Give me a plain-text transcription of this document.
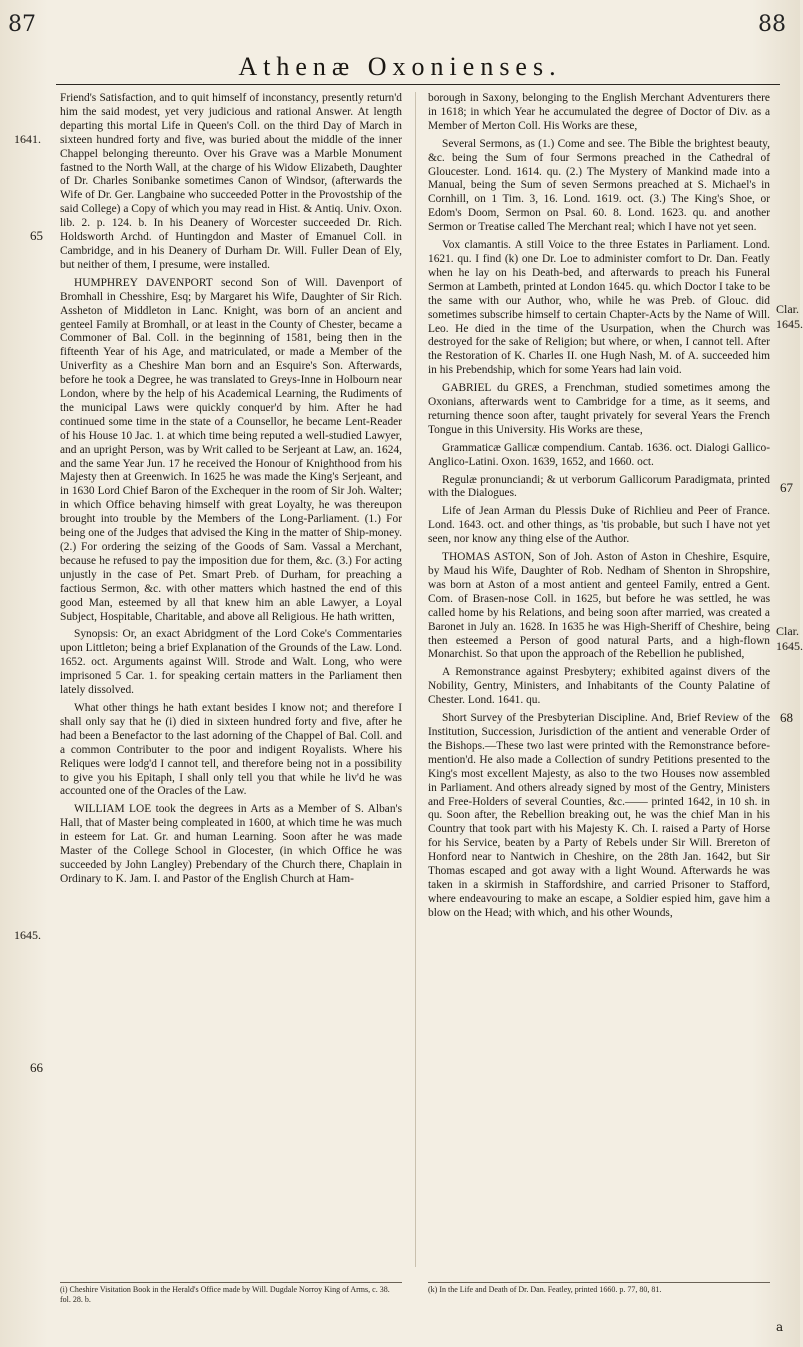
87	88
Athenæ Oxonienses.
1641.
65
1645.
66
Clar. 1645.
67
Clar. 1645.
68

Friend's Satisfaction, and to quit himself of inconstancy, presently return'd him the said modest, yet very judicious and rational Answer. At length departing this mortal Life in Queen's Coll. on the third Day of March in sixteen hundred forty and five, was buried about the middle of the inner Chappel belonging thereunto. Over his Grave was a Marble Monument fastned to the North Wall, at the charge of his Widow Elizabeth, Daughter of Dr. Charles Sonibanke sometimes Canon of Windsor, (afterwards the Wife of Dr. Ger. Langbaine who succeeded Potter in the Provostship of the said College) a Copy of which you may read in Hist. & Antiq. Univ. Oxon. lib. 2. p. 124. b. In his Deanery of Worcester succeeded Dr. Rich. Holdsworth Archd. of Huntingdon and Master of Emanuel Coll. in Cambridge, and in his Deanery of Durham Dr. Will. Fuller Dean of Ely, but neither of them, I presume, were installed.

HUMPHREY DAVENPORT second Son of Will. Davenport of Bromhall in Chesshire, Esq; by Margaret his Wife, Daughter of Sir Rich. Assheton of Middleton in Lanc. Knight, was born of an ancient and genteel Family at Bromhall, or at least in the County of Chester, became a Commoner of Bal. Coll. in the beginning of 1581, being then in the fifteenth Year of his Age, and matriculated, or made a Member of the Univerfity as a Cheshire Man born and an Esquire's Son. Afterwards, before he took a Degree, he was translated to Greys-Inne in Holbourn near London, where by the help of his Academical Learning, the Rudiments of the municipal Laws were quickly conquer'd by him. After he had continued some time in the state of a Counsellor, he became Lent-Reader of his House 10 Jac. 1. at which time being reputed a well-studied Lawyer, and an upright Person, was by Writ called to be Serjeant at Law, an. 1624, and the same Year Jun. 17 he received the Honour of Knighthood from his Majesty then at Greenwich. In 1625 he was made the King's Serjeant, and in 1630 Lord Chief Baron of the Exchequer in the room of Sir Joh. Walter; in which Office behaving himself with great Loyalty, he was thereupon brought into trouble by the Members of the Long-Parliament. (1.) For being one of the Judges that advised the King in the matter of Ship-money. (2.) For ordering the seizing of the Goods of Sam. Vassal a Merchant, because he refused to pay the imposition due for them, &c. (3.) For acting unjustly in the case of Pet. Smart Preb. of Durham, for preaching a factious Sermon, &c. with other matters which hastned the end of this good Man, esteemed by all that knew him an able Lawyer, a Loyal Subject, Hospitable, Charitable, and above all Religious. He hath written,

Synopsis: Or, an exact Abridgment of the Lord Coke's Commentaries upon Littleton; being a brief Explanation of the Grounds of the Law. Lond. 1652. oct. Arguments against Will. Strode and Walt. Long, who were imprisoned 5 Car. 1. for speaking certain matters in the Parliament then lately dissolved.

What other things he hath extant besides I know not; and therefore I shall only say that he (i) died in sixteen hundred forty and five, after he had been a Benefactor to the last adorning of the Chappel of Bal. Coll. and a common Contributer to the poor and indigent Royalists. Where his Reliques were lodg'd I cannot tell, and therefore being not in a possibility to give you his Epitaph, I shall only tell you that while he liv'd he was accounted one of the Oracles of the Law.

WILLIAM LOE took the degrees in Arts as a Member of S. Alban's Hall, that of Master being compleated in 1600, at which time he was much in esteem for Lat. Gr. and human Learning. Soon after he was made Master of the College School in Glocester, (in which Office he was succeeded by John Langley) Prebendary of the Church there, Chaplain in Ordinary to K. Jam. I. and Pastor of the English Church at Ham-

borough in Saxony, belonging to the English Merchant Adventurers there in 1618; in which Year he accumulated the degree of Doctor of Div. as a Member of Merton Coll. His Works are these,

Several Sermons, as (1.) Come and see. The Bible the brightest beauty, &c. being the Sum of four Sermons preached in the Cathedral of Gloucester. Lond. 1614. qu. (2.) The Mystery of Mankind made into a Manual, being the Sum of seven Sermons preached at S. Michael's in Cornhill, on 1 Tim. 3, 16. Lond. 1619. oct. (3.) The King's Shoe, or Edom's Doom, Sermon on Psal. 60. 8. Lond. 1623. qu. and another Sermon or Treatise called The Merchant real; which I have not yet seen.

Vox clamantis. A still Voice to the three Estates in Parliament. Lond. 1621. qu. I find (k) one Dr. Loe to administer comfort to Dr. Dan. Featly when he lay on his Death-bed, and afterwards to preach his Funeral Sermon at Lambeth, printed at London 1645. qu. which Doctor I take to be the same with our Author, who, while he was Preb. of Glouc. did sometimes subscribe himself to certain Chapter-Acts by the Name of Will. Leo. He died in the time of the Usurpation, when the Church was destroyed for the sake of Religion; but where, or when, I cannot tell. After the Restoration of K. Charles II. one Hugh Nash, M. of A. succeeded him in his Prebendship, which for some Years had lain void.

GABRIEL du GRES, a Frenchman, studied sometimes among the Oxonians, afterwards went to Cambridge for a time, as it seems, and returning thence soon after, taught privately for several Years the French Tongue in this University. His Works are these,

Grammaticæ Gallicæ compendium. Cantab. 1636. oct. Dialogi Gallico-Anglico-Latini. Oxon. 1639, 1652, and 1660. oct.

Regulæ pronunciandi; & ut verborum Gallicorum Paradigmata, printed with the Dialogues.

Life of Jean Arman du Plessis Duke of Richlieu and Peer of France. Lond. 1643. oct. and other things, as 'tis probable, but such I have not yet seen, nor know any thing else of the Author.

THOMAS ASTON, Son of Joh. Aston of Aston in Cheshire, Esquire, by Maud his Wife, Daughter of Rob. Nedham of Shenton in Shropshire, was born at Aston of a most antient and genteel Family, entred a Gent. Com. of Brasen-nose Coll. in 1625, but before he was settled, he was called home by his Relations, and being soon after married, was created a Baronet in July an. 1628. In 1635 he was High-Sheriff of Cheshire, being then esteemed a Person of good natural Parts, and a high-flown Monarchist. So that upon the approach of the Rebellion he published,

A Remonstrance against Presbytery; exhibited against divers of the Nobility, Gentry, Ministers, and Inhabitants of the County Palatine of Chester. Lond. 1641. qu.

Short Survey of the Presbyterian Discipline. And, Brief Review of the Institution, Succession, Jurisdiction of the antient and venerable Order of the Bishops.—These two last were printed with the Remonstrance before-mention'd. He also made a Collection of sundry Petitions presented to the King's most excellent Majesty, as also to the two Houses now assembled in Parliament. And others already signed by most of the Gentry, Ministers and Free-Holders of several Counties, &c.—— printed 1642, in 10 sh. in qu. Soon after, the Rebellion breaking out, he was the chief Man in his Country that took part with his Majesty K. Ch. I. raised a Party of Horse for his Service, beaten by a Party of Rebels under Sir Will. Brereton of Honford near to Nantwich in Cheshire, on the 28th Jan. 1642, but Sir Thomas escaped and got away with a light Wound. Afterwards he was taken in a skirmish in Staffordshire, and carried Prisoner to Stafford, where endeavouring to make an escape, a Soldier espied him, gave him a blow on the Head; with which, and his other Wounds,

(i) Cheshire Visitation Book in the Herald's Office made by Will. Dugdale Norroy King of Arms, c. 38. fol. 28. b.
(k) In the Life and Death of Dr. Dan. Featley, printed 1660. p. 77, 80, 81.
a
